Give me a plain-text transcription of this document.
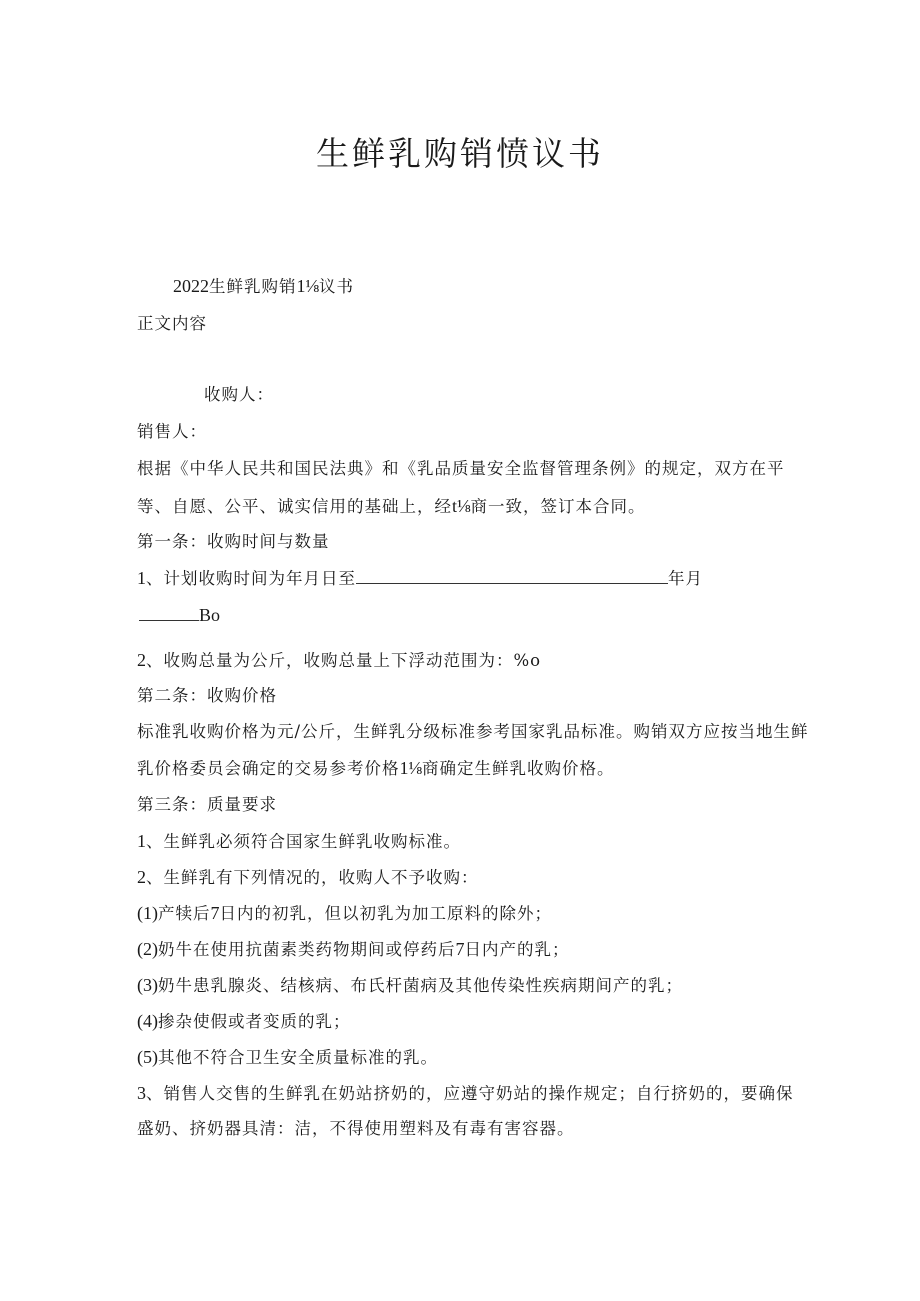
生鲜乳购销愤议书
2022生鲜乳购销1⅛议书
正文内容
收购人：
销售人：
根据《中华人民共和国民法典》和《乳品质量安全监督管理条例》的规定，双方在平
等、自愿、公平、诚实信用的基础上，经t⅛商一致，签订本合同。
第一条：收购时间与数量
1、计划收购时间为年月日至	年月
Bo
2、收购总量为公斤，收购总量上下浮动范围为：%o
第二条：收购价格
标准乳收购价格为元/公斤，生鲜乳分级标准参考国家乳品标准。购销双方应按当地生鲜
乳价格委员会确定的交易参考价格1⅛商确定生鲜乳收购价格。
第三条：质量要求
1、生鲜乳必须符合国家生鲜乳收购标准。
2、生鲜乳有下列情况的，收购人不予收购：
(1)产犊后7日内的初乳，但以初乳为加工原料的除外；
(2)奶牛在使用抗菌素类药物期间或停药后7日内产的乳；
(3)奶牛患乳腺炎、结核病、布氏杆菌病及其他传染性疾病期间产的乳；
(4)掺杂使假或者变质的乳；
(5)其他不符合卫生安全质量标准的乳。
3、销售人交售的生鲜乳在奶站挤奶的，应遵守奶站的操作规定；自行挤奶的，要确保
盛奶、挤奶器具清：洁，不得使用塑料及有毒有害容器。
